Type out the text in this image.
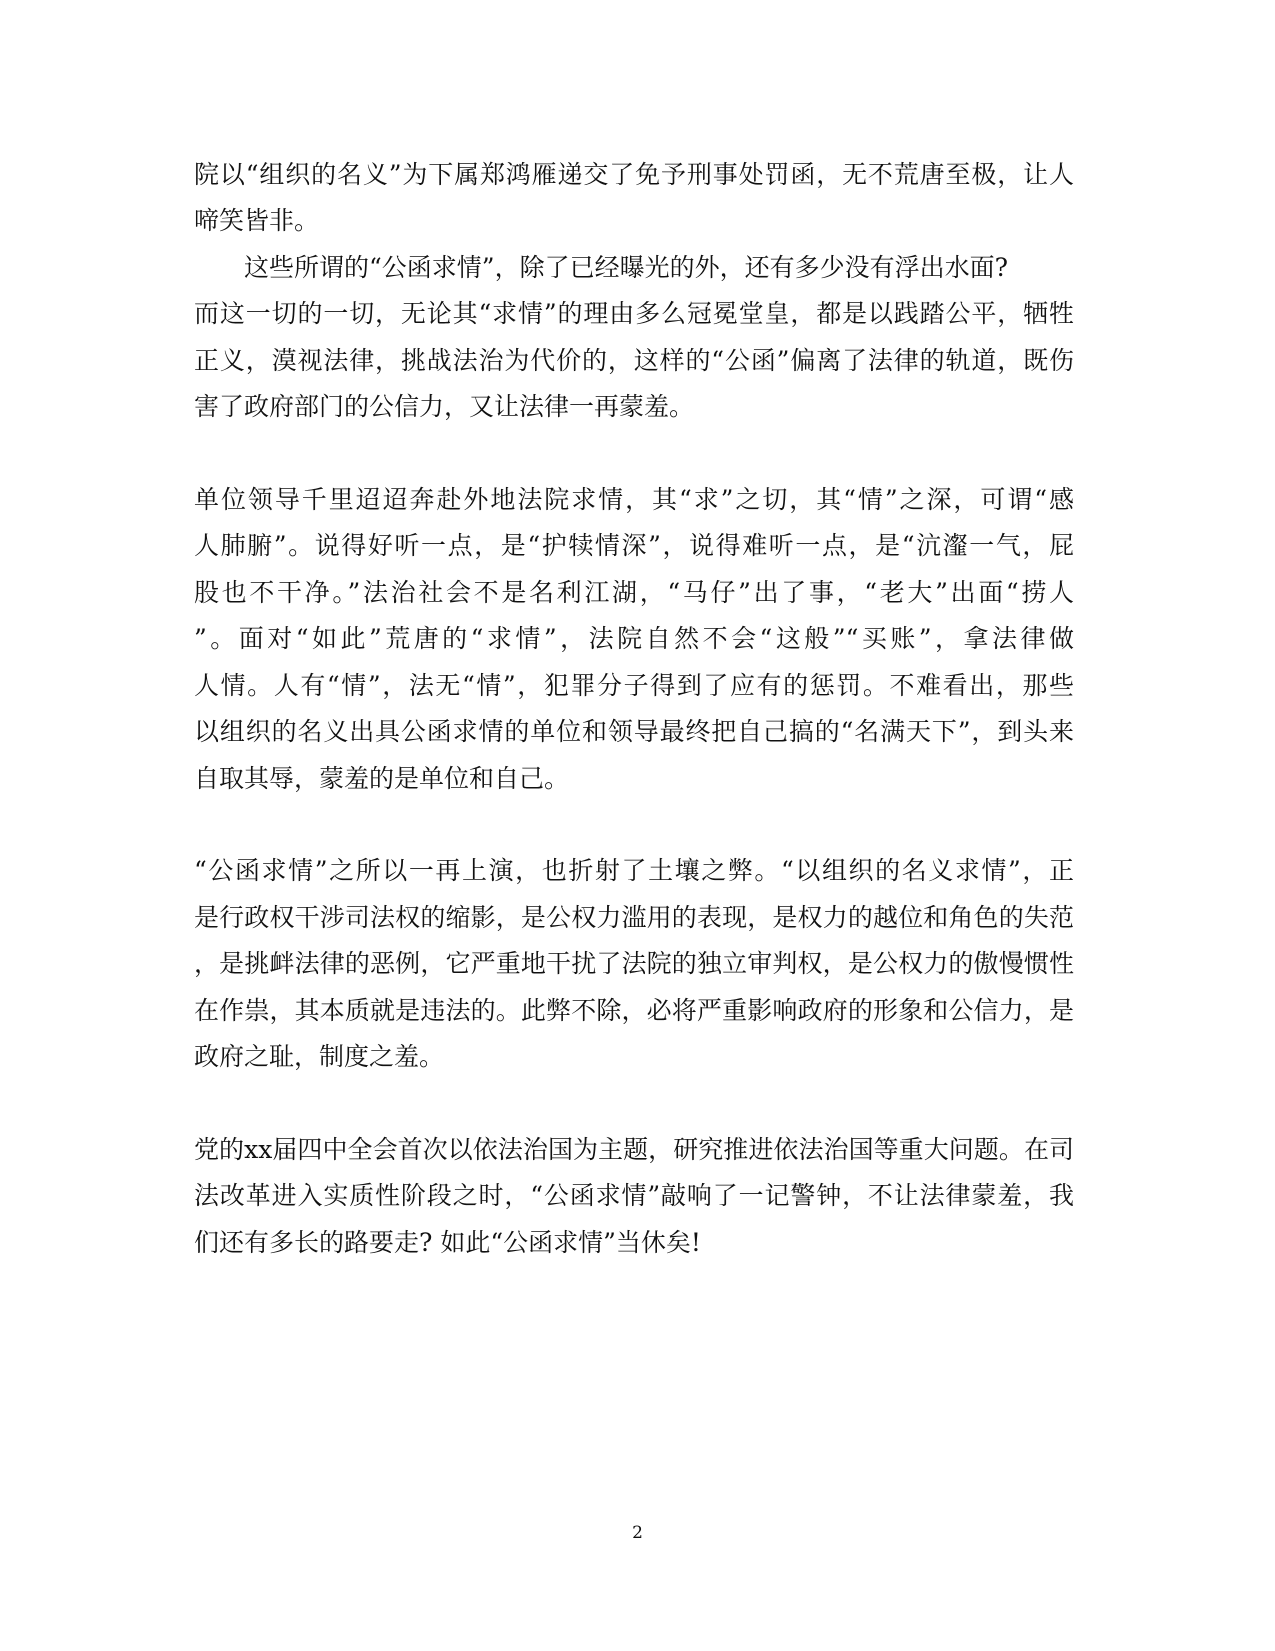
院以“组织的名义”为下属郑鸿雁递交了免予刑事处罚函，无不荒唐至极，让人
啼笑皆非。
　　这些所谓的“公函求情”，除了已经曝光的外，还有多少没有浮出水面?
而这一切的一切，无论其“求情”的理由多么冠冕堂皇，都是以践踏公平，牺牲
正义，漠视法律，挑战法治为代价的，这样的“公函”偏离了法律的轨道，既伤
害了政府部门的公信力，又让法律一再蒙羞。
单位领导千里迢迢奔赴外地法院求情，其“求”之切，其“情”之深，可谓“感
人肺腑”。说得好听一点，是“护犊情深”，说得难听一点，是“沆瀣一气，屁
股也不干净。”法治社会不是名利江湖，“马仔”出了事，“老大”出面“捞人
”。面对“如此”荒唐的“求情”，法院自然不会“这般”“买账”，拿法律做
人情。人有“情”，法无“情”，犯罪分子得到了应有的惩罚。不难看出，那些
以组织的名义出具公函求情的单位和领导最终把自己搞的“名满天下”，到头来
自取其辱，蒙羞的是单位和自己。
“公函求情”之所以一再上演，也折射了土壤之弊。“以组织的名义求情”，正
是行政权干涉司法权的缩影，是公权力滥用的表现，是权力的越位和角色的失范
，是挑衅法律的恶例，它严重地干扰了法院的独立审判权，是公权力的傲慢惯性
在作祟，其本质就是违法的。此弊不除，必将严重影响政府的形象和公信力，是
政府之耻，制度之羞。
党的xx届四中全会首次以依法治国为主题，研究推进依法治国等重大问题。在司
法改革进入实质性阶段之时，“公函求情”敲响了一记警钟，不让法律蒙羞，我
们还有多长的路要走? 如此“公函求情”当休矣!
2
